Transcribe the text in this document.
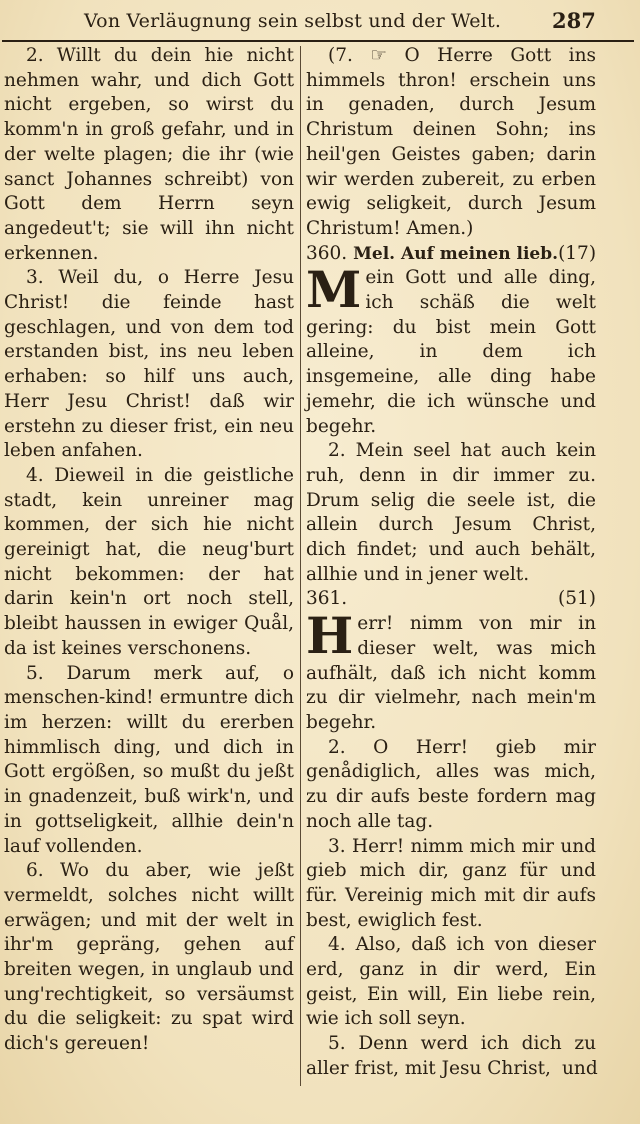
Von Verläugnung sein selbst und der Welt. 287

2. Willt du dein hie nicht nehmen wahr, und dich Gott nicht ergeben, so wirst du komm'n in groß gefahr, und in der welte plagen; die ihr (wie sanct Johannes schreibt) von Gott dem Herrn seyn angedeut't; sie will ihn nicht erkennen.

3. Weil du, o Herre Jesu Christ! die feinde hast geschlagen, und von dem tod erstanden bist, ins neu leben erhaben: so hilf uns auch, Herr Jesu Christ! daß wir erstehn zu dieser frist, ein neu leben anfahen.

4. Dieweil in die geistliche stadt, kein unreiner mag kommen, der sich hie nicht gereinigt hat, die neug'burt nicht bekommen: der hat darin kein'n ort noch stell, bleibt haussen in ewiger Quål, da ist keines verschonens.

5. Darum merk auf, o menschen-kind! ermuntre dich im herzen: willt du ererben himmlisch ding, und dich in Gott ergößen, so mußt du jeßt in gnadenzeit, buß wirk'n, und in gottseligkeit, allhie dein'n lauf vollenden.

6. Wo du aber, wie jeßt vermeldt, solches nicht willt erwägen; und mit der welt in ihr'm gepräng, gehen auf breiten wegen, in unglaub und ung'rechtigkeit, so versäumst du die seligkeit: zu spat wird dich's gereuen!

(7. ☞ O Herre Gott ins himmels thron! erschein uns in genaden, durch Jesum Christum deinen Sohn; ins heil'gen Geistes gaben; darin wir werden zubereit, zu erben ewig seligkeit, durch Jesum Christum! Amen.)

360. Mel. Auf meinen lieb. (17)

Mein Gott und alle ding, ich schäß die welt gering: du bist mein Gott alleine, in dem ich insgemeine, alle ding habe jemehr, die ich wünsche und begehr.

2. Mein seel hat auch kein ruh, denn in dir immer zu. Drum selig die seele ist, die allein durch Jesum Christ, dich findet; und auch behält, allhie und in jener welt.

361.	(51)

Herr! nimm von mir in dieser welt, was mich aufhält, daß ich nicht komm zu dir vielmehr, nach mein'm begehr.

2. O Herr! gieb mir genådiglich, alles was mich, zu dir aufs beste fordern mag noch alle tag.

3. Herr! nimm mich mir und gieb mich dir, ganz für und für. Vereinig mich mit dir aufs best, ewiglich fest.

4. Also, daß ich von dieser erd, ganz in dir werd, Ein geist, Ein will, Ein liebe rein, wie ich soll seyn.

5. Denn werd ich dich zu aller frist, mit Jesu Christ, und
